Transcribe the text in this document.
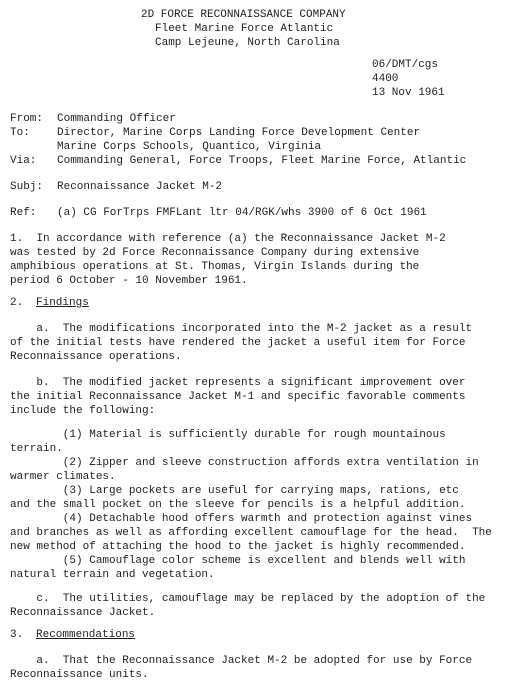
2D FORCE RECONNAISSANCE COMPANY
Fleet Marine Force Atlantic
Camp Lejeune, North Carolina
06/DMT/cgs
4400
13 Nov 1961
From: Commanding Officer
To: Director, Marine Corps Landing Force Development Center
Marine Corps Schools, Quantico, Virginia
Via: Commanding General, Force Troops, Fleet Marine Force, Atlantic
Subj: Reconnaissance Jacket M-2
Ref: (a) CG ForTrps FMFLant ltr 04/RGK/whs 3900 of 6 Oct 1961
1.  In accordance with reference (a) the Reconnaissance Jacket M-2
was tested by 2d Force Reconnaissance Company during extensive
amphibious operations at St. Thomas, Virgin Islands during the
period 6 October - 10 November 1961.
2. Findings
a.  The modifications incorporated into the M-2 jacket as a result
of the initial tests have rendered the jacket a useful item for Force
Reconnaissance operations.
b.  The modified jacket represents a significant improvement over
the initial Reconnaissance Jacket M-1 and specific favorable comments
include the following:
(1) Material is sufficiently durable for rough mountainous
terrain.
(2) Zipper and sleeve construction affords extra ventilation in
warmer climates.
(3) Large pockets are useful for carrying maps, rations, etc
and the small pocket on the sleeve for pencils is a helpful addition.
(4) Detachable hood offers warmth and protection against vines
and branches as well as affording excellent camouflage for the head.  The
new method of attaching the hood to the jacket is highly recommended.
(5) Camouflage color scheme is excellent and blends well with
natural terrain and vegetation.
c.  The utilities, camouflage may be replaced by the adoption of the
Reconnaissance Jacket.
3. Recommendations
a.  That the Reconnaissance Jacket M-2 be adopted for use by Force
Reconnaissance units.
